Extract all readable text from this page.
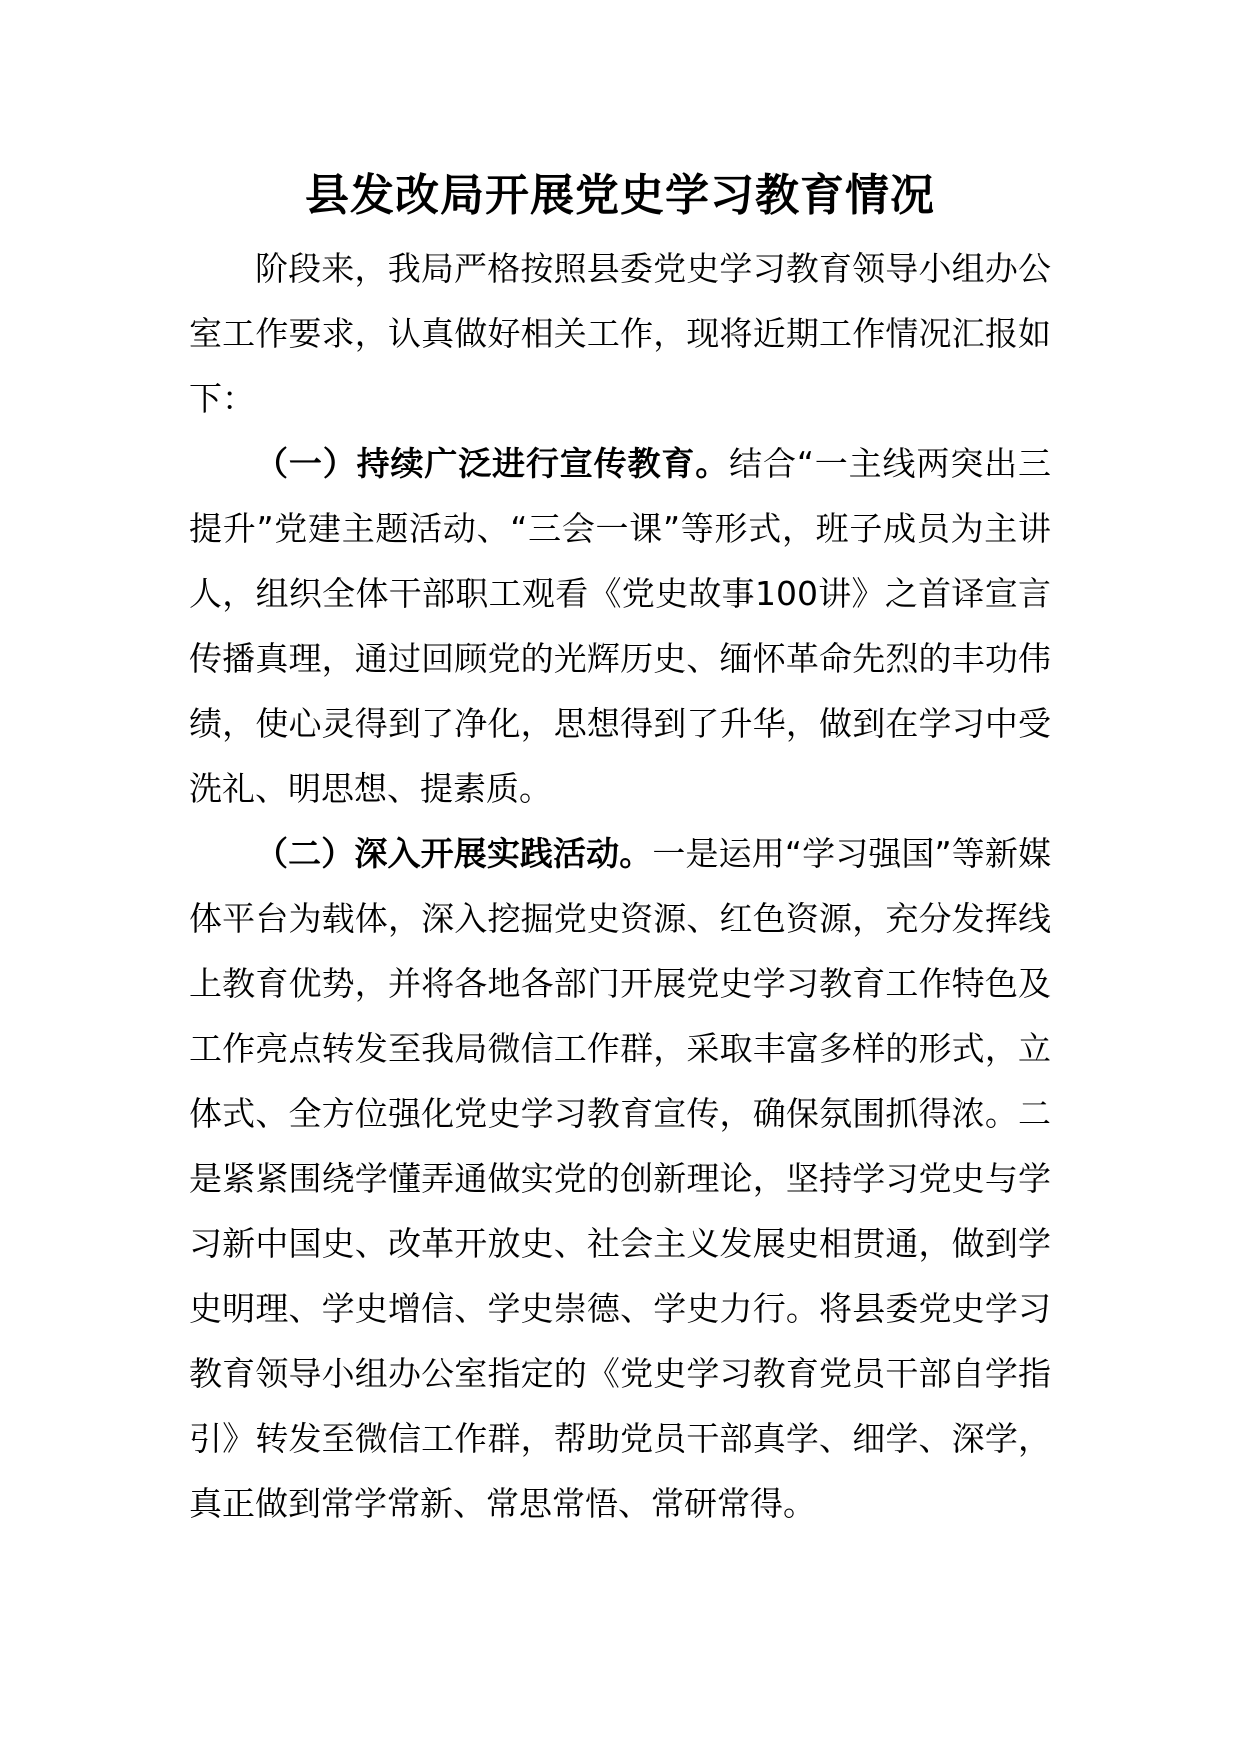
县发改局开展党史学习教育情况

阶段来，我局严格按照县委党史学习教育领导小组办公室工作要求，认真做好相关工作，现将近期工作情况汇报如下：

（一）持续广泛进行宣传教育。结合“一主线两突出三提升”党建主题活动、“三会一课”等形式，班子成员为主讲人，组织全体干部职工观看《党史故事100讲》之首译宣言 传播真理，通过回顾党的光辉历史、缅怀革命先烈的丰功伟绩，使心灵得到了净化，思想得到了升华，做到在学习中受洗礼、明思想、提素质。

（二）深入开展实践活动。一是运用“学习强国”等新媒体平台为载体，深入挖掘党史资源、红色资源，充分发挥线上教育优势，并将各地各部门开展党史学习教育工作特色及工作亮点转发至我局微信工作群，采取丰富多样的形式，立体式、全方位强化党史学习教育宣传，确保氛围抓得浓。二是紧紧围绕学懂弄通做实党的创新理论，坚持学习党史与学习新中国史、改革开放史、社会主义发展史相贯通，做到学史明理、学史增信、学史崇德、学史力行。将县委党史学习教育领导小组办公室指定的《党史学习教育党员干部自学指引》转发至微信工作群，帮助党员干部真学、细学、深学，真正做到常学常新、常思常悟、常研常得。
